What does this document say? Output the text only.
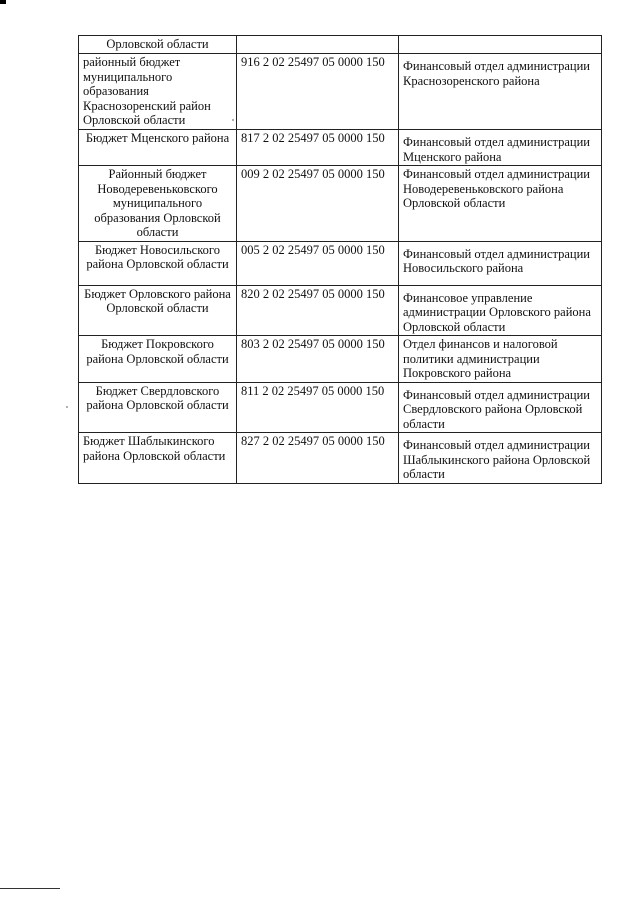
Орловской области		
районный бюджет муниципального образования Краснозоренский район Орловской области	916 2 02 25497 05 0000 150	Финансовый отдел администрации Краснозоренского района
Бюджет Мценского района	817 2 02 25497 05 0000 150	Финансовый отдел администрации Мценского района
Районный бюджет Новодеревеньковского муниципального образования Орловской области	009 2 02 25497 05 0000 150	Финансовый отдел администрации Новодеревеньковского района Орловской области
Бюджет Новосильского района Орловской области	005 2 02 25497 05 0000 150	Финансовый отдел администрации Новосильского района
Бюджет Орловского района Орловской области	820 2 02 25497 05 0000 150	Финансовое управление администрации Орловского района Орловской области
Бюджет Покровского района Орловской области	803 2 02 25497 05 0000 150	Отдел финансов и налоговой политики администрации Покровского района
Бюджет Свердловского района Орловской области	811 2 02 25497 05 0000 150	Финансовый отдел администрации Свердловского района Орловской области
Бюджет Шаблыкинского района Орловской области	827 2 02 25497 05 0000 150	Финансовый отдел администрации Шаблыкинского района Орловской области
